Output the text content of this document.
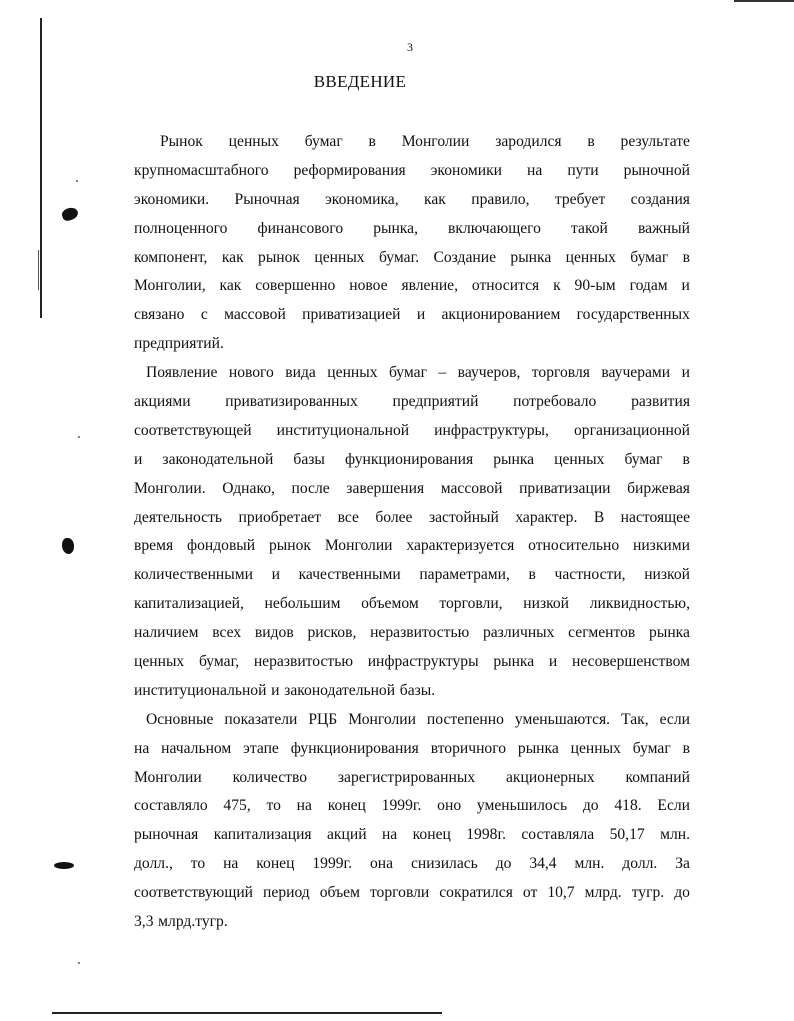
3
ВВЕДЕНИЕ
Рынок ценных бумаг в Монголии зародился в результате
крупномасштабного реформирования экономики на пути рыночной
экономики. Рыночная экономика, как правило, требует создания
полноценного финансового рынка, включающего такой важный
компонент, как рынок ценных бумаг. Создание рынка ценных бумаг в
Монголии, как совершенно новое явление, относится к 90-ым годам и
связано с массовой приватизацией и акционированием государственных
предприятий.
Появление нового вида ценных бумаг – ваучеров, торговля ваучерами и
акциями приватизированных предприятий потребовало развития
соответствующей институциональной инфраструктуры, организационной
и законодательной базы функционирования рынка ценных бумаг в
Монголии. Однако, после завершения массовой приватизации биржевая
деятельность приобретает все более застойный характер. В настоящее
время фондовый рынок Монголии характеризуется относительно низкими
количественными и качественными параметрами, в частности, низкой
капитализацией, небольшим объемом торговли, низкой ликвидностью,
наличием всех видов рисков, неразвитостью различных сегментов рынка
ценных бумаг, неразвитостью инфраструктуры рынка и несовершенством
институциональной и законодательной базы.
Основные показатели РЦБ Монголии постепенно уменьшаются. Так, если
на начальном этапе функционирования вторичного рынка ценных бумаг в
Монголии количество зарегистрированных акционерных компаний
составляло 475, то на конец 1999г. оно уменьшилось до 418. Если
рыночная капитализация акций на конец 1998г. составляла 50,17 млн.
долл., то на конец 1999г. она снизилась до 34,4 млн. долл. За
соответствующий период объем торговли сократился от 10,7 млрд. тугр. до
3,3 млрд.тугр.
